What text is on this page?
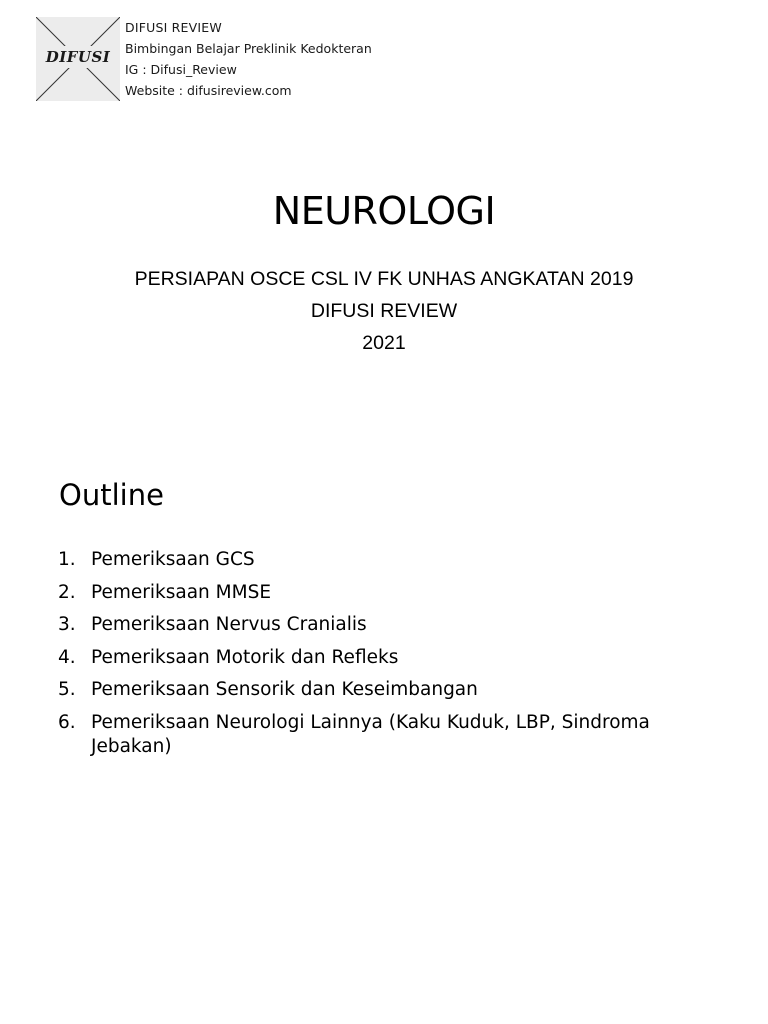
DIFUSI
DIFUSI REVIEW
Bimbingan Belajar Preklinik Kedokteran
IG : Difusi_Review
Website : difusireview.com
NEUROLOGI
PERSIAPAN OSCE CSL IV FK UNHAS ANGKATAN 2019
DIFUSI REVIEW
2021
Outline
1. Pemeriksaan GCS
2. Pemeriksaan MMSE
3. Pemeriksaan Nervus Cranialis
4. Pemeriksaan Motorik dan Refleks
5. Pemeriksaan Sensorik dan Keseimbangan
6. Pemeriksaan Neurologi Lainnya (Kaku Kuduk, LBP, Sindroma Jebakan)
